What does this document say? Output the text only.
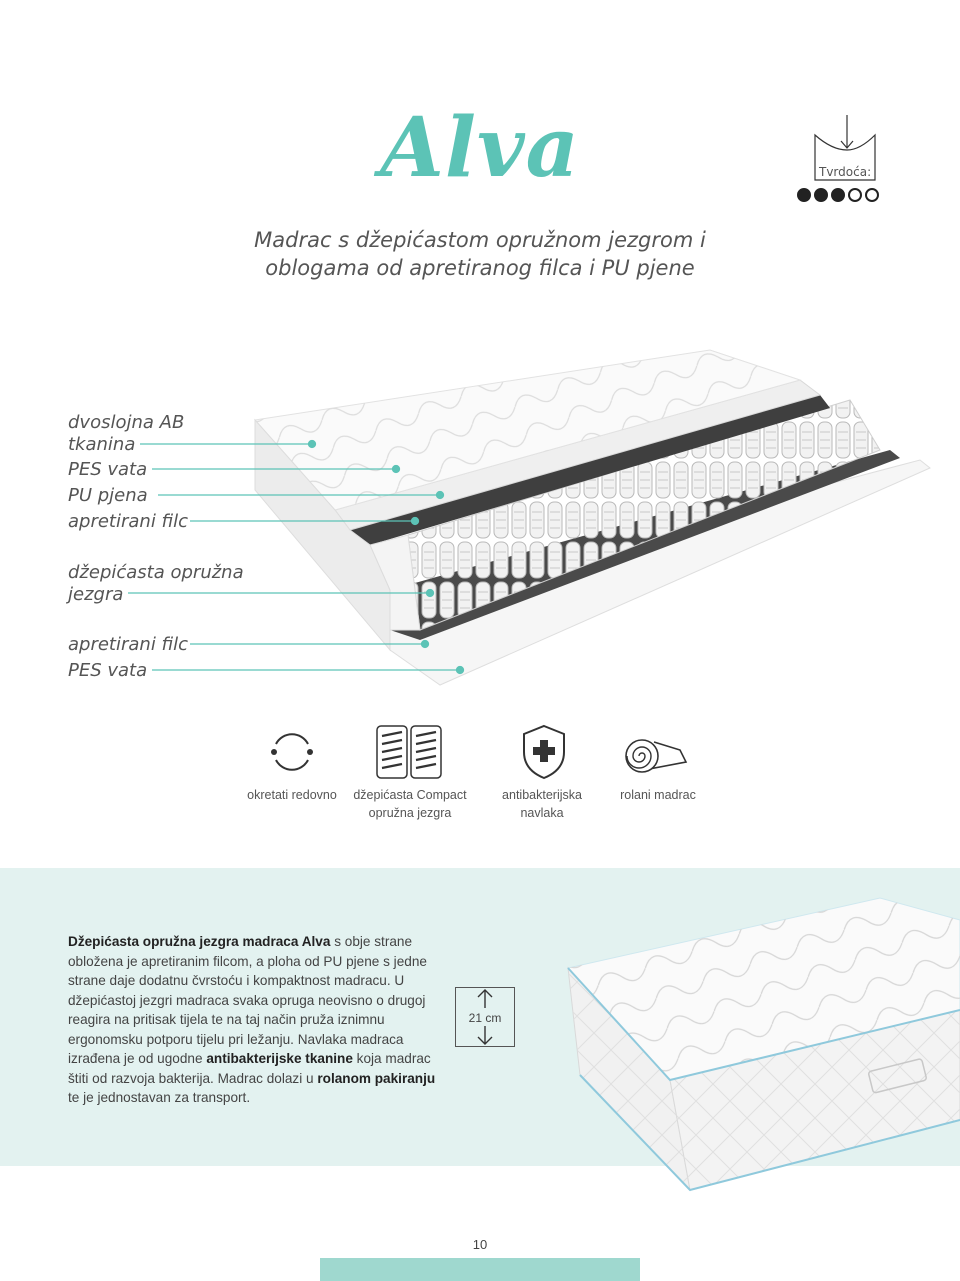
Alva
Madrac s džepićastom opružnom jezgrom i
oblogama od apretiranog filca i PU pjene
Tvrdoća:
dvoslojna AB
tkanina
PES vata
PU pjena
apretirani filc
džepićasta opružna
jezgra
apretirani filc
PES vata
okretati redovno	džepićasta Compact
opružna jezgra
antibakterijska
navlaka
rolani madrac
Džepićasta opružna jezgra madraca Alva s obje strane obložena je apretiranim filcom, a ploha od PU pjene s jedne strane daje dodatnu čvrstoću i kompaktnost madracu. U džepićastoj jezgri madraca svaka opruga neovisno o drugoj reagira na pritisak tijela te na taj način pruža iznimnu ergonomsku potporu tijelu pri ležanju. Navlaka madraca izrađena je od ugodne antibakterijske tkanine koja madrac štiti od razvoja bakterija. Madrac dolazi u rolanom pakiranju te je jednostavan za transport.
21 cm
10
